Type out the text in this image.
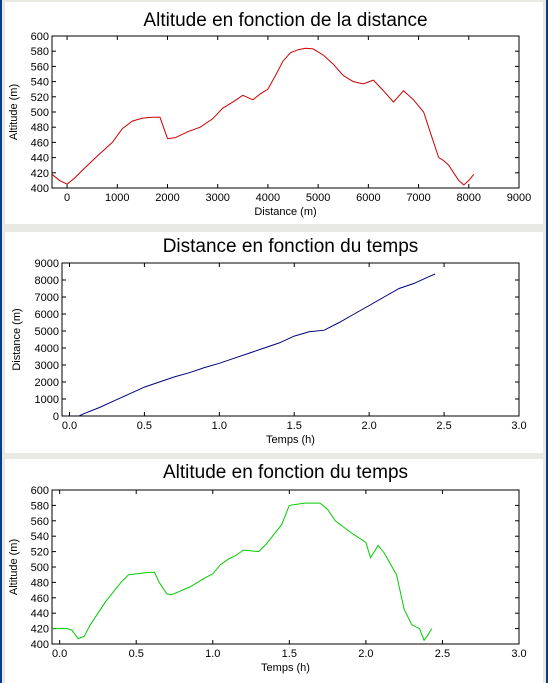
Altitude en fonction de la distance
0	1000 2000 3000 4000 5000 6000 7000 8000 9000
400
420
440
460
480
500
520
540
560
580
600
Distance (m)
Altitude (m)
Distance en fonction du temps
0.0	0.5	1.0	1.5	2.0	2.5	3.0
0
1000
2000
3000
4000
5000
6000
7000
8000
9000
Temps (h)
Distance (m)
Altitude en fonction du temps
0.0	0.5	1.0	1.5	2.0	2.5	3.0
400
420
440
460
480
500
520
540
560
580
600
Temps (h)
Altitude (m)
